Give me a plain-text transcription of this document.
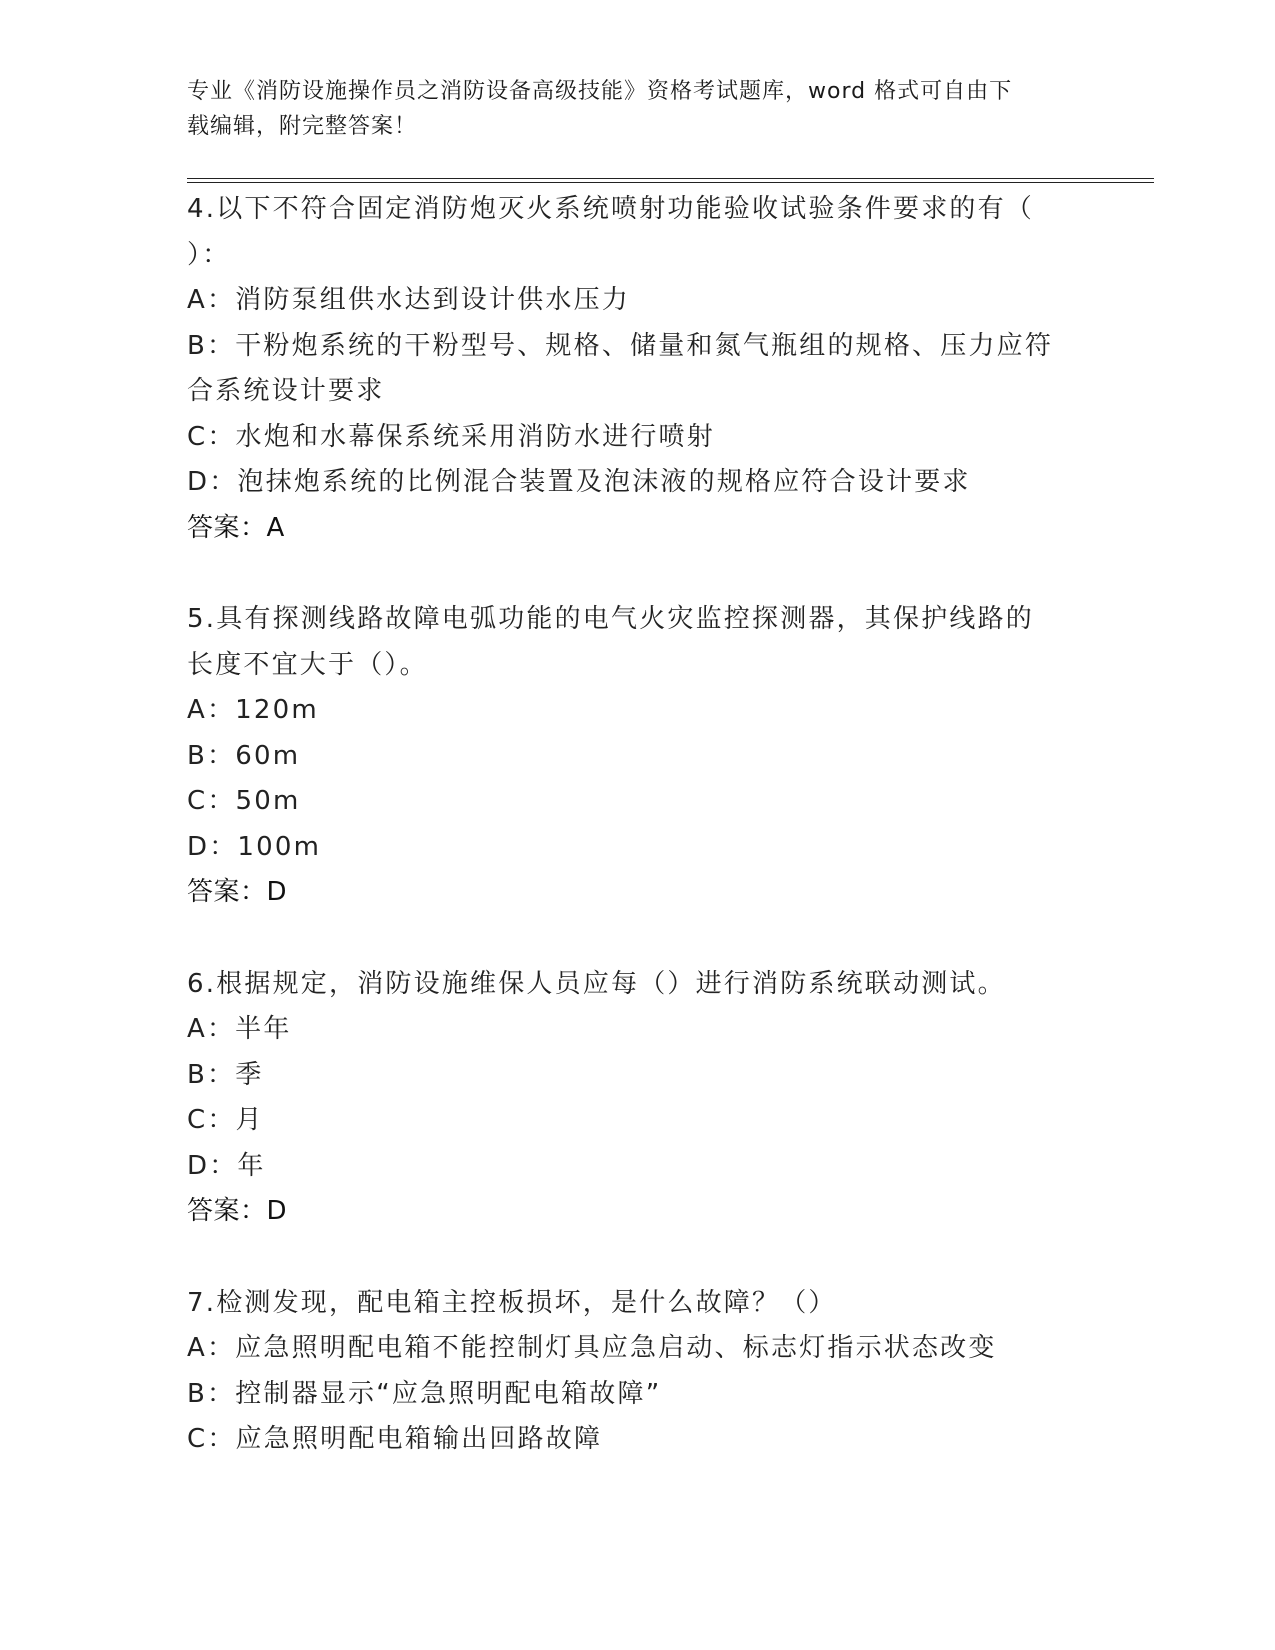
专业《消防设施操作员之消防设备高级技能》资格考试题库，word 格式可自由下
载编辑，附完整答案！
4.以下不符合固定消防炮灭火系统喷射功能验收试验条件要求的有（
）：
A：消防泵组供水达到设计供水压力
B：干粉炮系统的干粉型号、规格、储量和氮气瓶组的规格、压力应符
合系统设计要求
C：水炮和水幕保系统采用消防水进行喷射
D：泡抹炮系统的比例混合装置及泡沫液的规格应符合设计要求
答案：A
5.具有探测线路故障电弧功能的电气火灾监控探测器，其保护线路的
长度不宜大于（）。
A：120m
B：60m
C：50m
D：100m
答案：D
6.根据规定，消防设施维保人员应每（）进行消防系统联动测试。
A：半年
B：季
C：月
D：年
答案：D
7.检测发现，配电箱主控板损坏，是什么故障？（）
A：应急照明配电箱不能控制灯具应急启动、标志灯指示状态改变
B：控制器显示“应急照明配电箱故障”
C：应急照明配电箱输出回路故障
